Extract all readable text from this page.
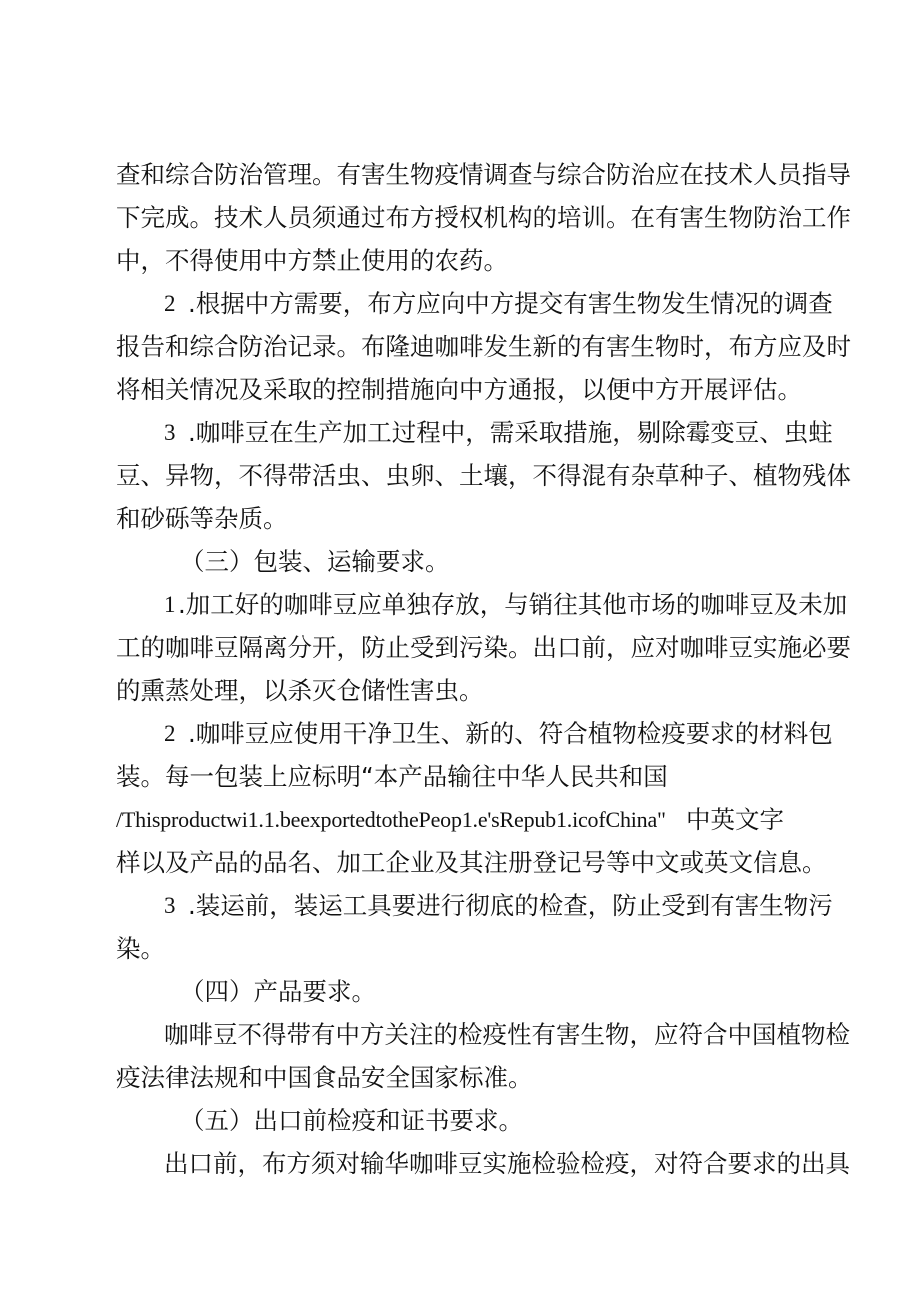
查和综合防治管理。有害生物疫情调查与综合防治应在技术人员指导
下完成。技术人员须通过布方授权机构的培训。在有害生物防治工作
中，不得使用中方禁止使用的农药。
2 .根据中方需要，布方应向中方提交有害生物发生情况的调查
报告和综合防治记录。布隆迪咖啡发生新的有害生物时，布方应及时
将相关情况及采取的控制措施向中方通报，以便中方开展评估。
3 .咖啡豆在生产加工过程中，需采取措施，剔除霉变豆、虫蛀
豆、异物，不得带活虫、虫卵、土壤，不得混有杂草种子、植物残体
和砂砾等杂质。
（三）包装、运输要求。
1 .加工好的咖啡豆应单独存放，与销往其他市场的咖啡豆及未加
工的咖啡豆隔离分开，防止受到污染。出口前，应对咖啡豆实施必要
的熏蒸处理，以杀灭仓储性害虫。
2 .咖啡豆应使用干净卫生、新的、符合植物检疫要求的材料包
装。每一包装上应标明“本产品输往中华人民共和国
/Thisproductwi1.1.beexportedtothePeop1.e'sRepub1.icofChina" 中英文字
样以及产品的品名、加工企业及其注册登记号等中文或英文信息。
3 .装运前，装运工具要进行彻底的检查，防止受到有害生物污
染。
（四）产品要求。
咖啡豆不得带有中方关注的检疫性有害生物，应符合中国植物检
疫法律法规和中国食品安全国家标准。
（五）出口前检疫和证书要求。
出口前，布方须对输华咖啡豆实施检验检疫，对符合要求的出具
